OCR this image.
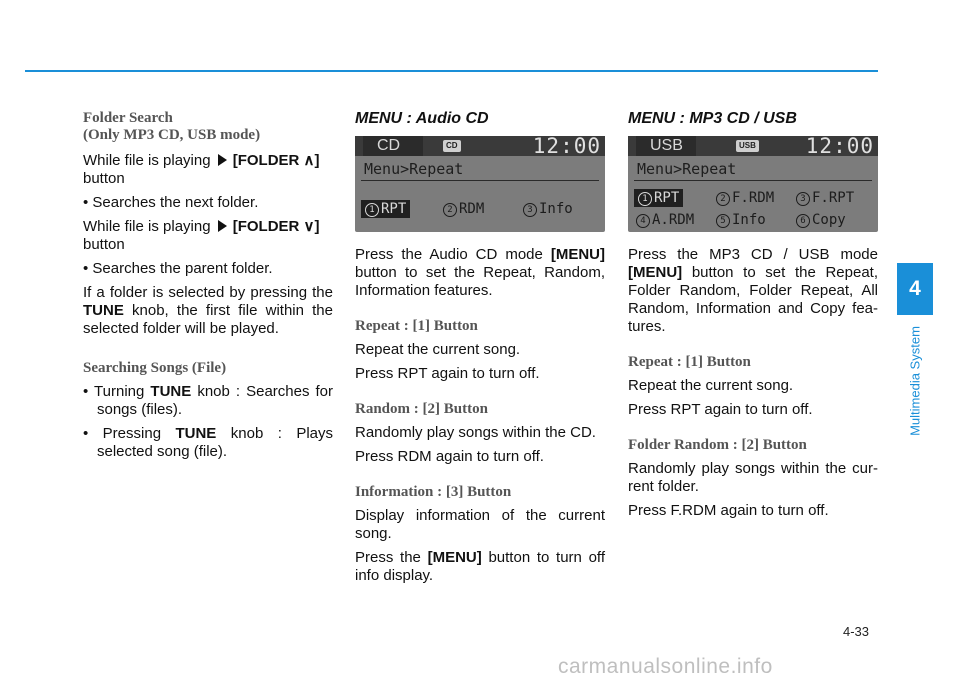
Folder Search
(Only MP3 CD, USB mode)

While file is playing [FOLDER ∧]
button

• Searches the next folder.

While file is playing [FOLDER ∨]
button

• Searches the parent folder.

If a folder is selected by pressing the TUNE knob, the first file within the selected folder will be played.

Searching Songs (File)

• Turning TUNE knob : Searches for songs (files).

• Pressing TUNE knob : Plays selected song (file).

MENU : Audio CD
CD	CD	12:00
Menu>Repeat
1 RPT	2 RDM	3 Info

Press the Audio CD mode [MENU] button to set the Repeat, Random, Information features.

Repeat : [1] Button

Repeat the current song.

Press RPT again to turn off.

Random : [2] Button

Randomly play songs within the CD.

Press RDM again to turn off.

Information : [3] Button

Display information of the current song.

Press the [MENU] button to turn off info display.

MENU : MP3 CD / USB
USB	USB 12:00
Menu>Repeat
1 RPT	2 F.RDM	3 F.RPT
4 A.RDM	5 Info	6 Copy

Press the MP3 CD / USB mode [MENU] button to set the Repeat, Folder Random, Folder Repeat, All Random, Information and Copy fea- tures.

Repeat : [1] Button

Repeat the current song.

Press RPT again to turn off.

Folder Random : [2] Button

Randomly play songs within the cur- rent folder.

Press F.RDM again to turn off.

4
Multimedia System
4-33
carmanualsonline.info
